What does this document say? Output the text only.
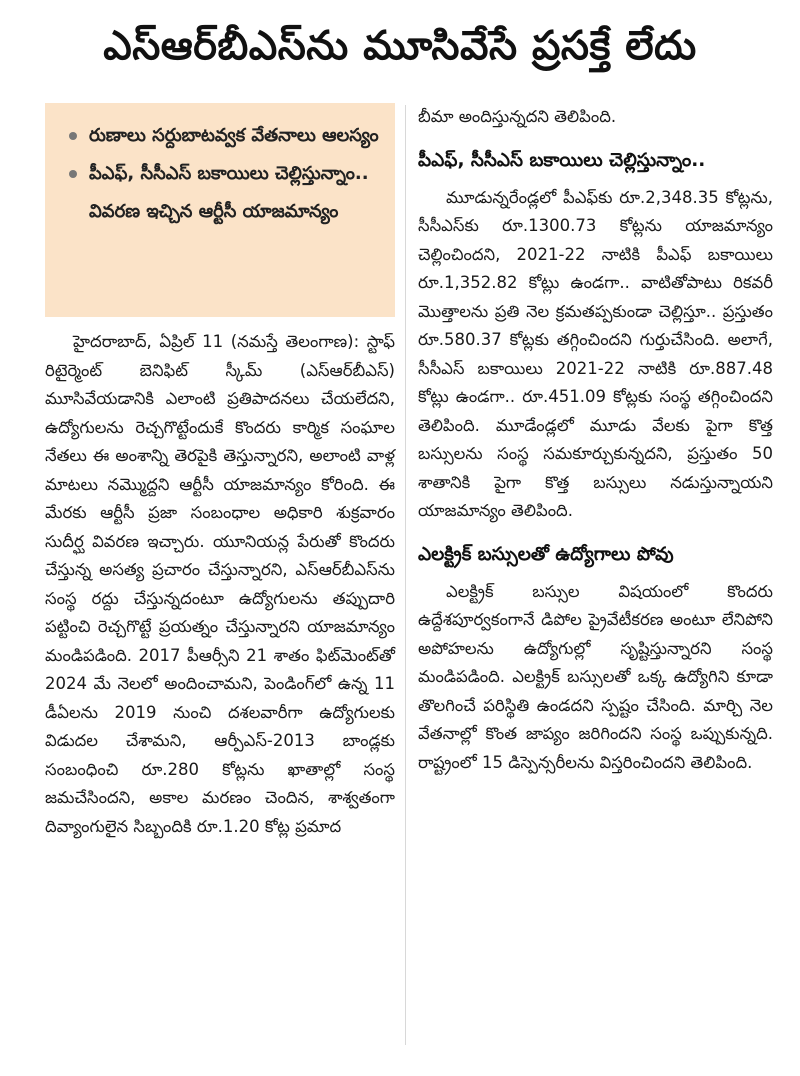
ఎస్ఆర్‌బీఎస్‌ను మూసివేసే ప్రసక్తే లేదు
రుణాలు సర్దుబాటవ్వక వేతనాలు ఆలస్యం
పీఎఫ్, సీసీఎస్ బకాయిలు చెల్లిస్తున్నాం.. వివరణ ఇచ్చిన ఆర్టీసీ యాజమాన్యం

హైదరాబాద్, ఏప్రిల్ 11 (నమస్తే తెలంగాణ): స్టాఫ్ రిటైర్మెంట్ బెనిఫిట్ స్కీమ్ (ఎస్ఆర్‌బీఎస్) మూసివేయడానికి ఎలాంటి ప్రతిపాదనలు చేయలేదని, ఉద్యోగులను రెచ్చగొట్టేందుకే కొందరు కార్మిక సంఘాల నేతలు ఈ అంశాన్ని తెరపైకి తెస్తున్నారని, అలాంటి వాళ్ల మాటలు నమ్మొద్దని ఆర్టీసీ యాజమాన్యం కోరింది. ఈ మేరకు ఆర్టీసీ ప్రజా సంబంధాల అధికారి శుక్రవారం సుదీర్ఘ వివరణ ఇచ్చారు. యూనియన్ల పేరుతో కొందరు చేస్తున్న అసత్య ప్రచారం చేస్తున్నారని, ఎస్ఆర్‌బీఎస్‌ను సంస్థ రద్దు చేస్తున్నదంటూ ఉద్యోగులను తప్పుదారి పట్టించి రెచ్చగొట్టే ప్రయత్నం చేస్తున్నారని యాజమాన్యం మండిపడింది. 2017 పీఆర్సీని 21 శాతం ఫిట్‌మెంట్‌తో 2024 మే నెలలో అందించామని, పెండింగ్‌లో ఉన్న 11 డీఏలను 2019 నుంచి దశలవారీగా ఉద్యోగులకు విడుదల చేశామని, ఆర్పీఎస్-2013 బాండ్లకు సంబంధించి రూ.280 కోట్లను ఖాతాల్లో సంస్థ జమచేసిందని, అకాల మరణం చెందిన, శాశ్వతంగా దివ్యాంగులైన సిబ్బందికి రూ.1.20 కోట్ల ప్రమాద

బీమా అందిస్తున్నదని తెలిపింది.

పీఎఫ్, సీసీఎస్ బకాయిలు చెల్లిస్తున్నాం..

మూడున్నరేండ్లలో పీఎఫ్‌కు రూ.2,348.35 కోట్లను, సీసీఎస్‌కు రూ.1300.73 కోట్లను యాజమాన్యం చెల్లించిందని, 2021-22 నాటికి పీఎఫ్ బకాయిలు రూ.1,352.82 కోట్లు ఉండగా.. వాటితోపాటు రికవరీ మొత్తాలను ప్రతి నెల క్రమతప్పకుండా చెల్లిస్తూ.. ప్రస్తుతం రూ.580.37 కోట్లకు తగ్గించిందని గుర్తుచేసింది. అలాగే, సీసీఎస్ బకాయిలు 2021-22 నాటికి రూ.887.48 కోట్లు ఉండగా.. రూ.451.09 కోట్లకు సంస్థ తగ్గించిందని తెలిపింది. మూడేండ్లలో మూడు వేలకు పైగా కొత్త బస్సులను సంస్థ సమకూర్చుకున్నదని, ప్రస్తుతం 50 శాతానికి పైగా కొత్త బస్సులు నడుస్తున్నాయని యాజమాన్యం తెలిపింది.

ఎలక్ట్రిక్ బస్సులతో ఉద్యోగాలు పోవు

ఎలక్ట్రిక్ బస్సుల విషయంలో కొందరు ఉద్దేశపూర్వకంగానే డిపోల ప్రైవేటీకరణ అంటూ లేనిపోని అపోహలను ఉద్యోగుల్లో సృష్టిస్తున్నారని సంస్థ మండిపడింది. ఎలక్ట్రిక్ బస్సులతో ఒక్క ఉద్యోగిని కూడా తొలగించే పరిస్థితి ఉండదని స్పష్టం చేసింది. మార్చి నెల వేతనాల్లో కొంత జాప్యం జరిగిందని సంస్థ ఒప్పుకున్నది. రాష్ట్రంలో 15 డిస్పెన్సరీలను విస్తరించిందని తెలిపింది.
